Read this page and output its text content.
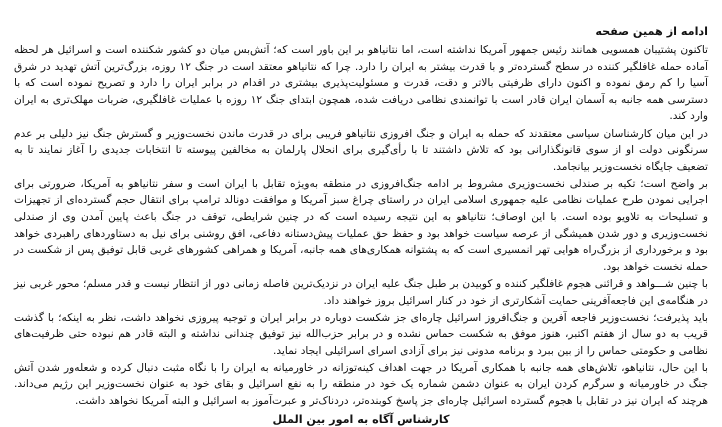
ادامه از همین صفحه

تاکنون پشتیبان همسویی همانند رئیس جمهور آمریکا نداشته است، اما نتانیاهو بر این باور است که؛ آتش‌بس میان دو کشور شکننده است و اسرائیل هر لحظه آماده حمله غافلگیر کننده در سطح گسترده‌تر و با قدرت بیشتر به ایران را دارد. چرا که نتانیاهو معتقد است در جنگ ۱۲ روزه، بزرگ‌ترین آتش تهدید در شرق آسیا را کم رمق نموده و اکنون دارای ظرفیتی بالاتر و دقت، قدرت و مسئولیت‌پذیری بیشتری در اقدام در برابر ایران را دارد و تصریح نموده است که با دسترسی همه جانبه به آسمان ایران قادر است با توانمندی نظامی دریافت شده، همچون ابتدای جنگ ۱۲ روزه با عملیات غافلگیری، ضربات مهلک‌تری به ایران وارد کند.

در این میان کارشناسان سیاسی معتقدند که حمله به ایران و جنگ افروزی نتانیاهو فریبی برای در قدرت ماندن نخست‌وزیر و گسترش جنگ نیز دلیلی بر عدم سرنگونی دولت او از سوی قانونگذارانی بود که تلاش داشتند تا با رأی‌گیری برای انحلال پارلمان به مخالفین پیوسته تا انتخابات جدیدی را آغاز نمایند تا به تضعیف جایگاه نخست‌وزیر بیانجامد.

بر واضح است؛ تکیه بر صندلی نخست‌وزیری مشروط بر ادامه جنگ‌افروزی در منطقه به‌ویژه تقابل با ایران است و سفر نتانیاهو به آمریکا، ضرورتی برای اجرایی نمودن طرح عملیات نظامی علیه جمهوری اسلامی ایران در راستای چراغ سبز آمریکا و موافقت دونالد ترامپ برای انتقال حجم گسترده‌ای از تجهیزات و تسلیحات به تلاویو بوده است. با این اوصاف؛ نتانیاهو به این نتیجه رسیده است که در چنین شرایطی، توقف در جنگ باعث پایین آمدن وی از صندلی نخست‌وزیری و دور شدن همیشگی از عرصه سیاست خواهد بود و حفظ حق عملیات پیش‌دستانه دفاعی، افق روشنی برای نیل به دستاوردهای راهبردی خواهد بود و برخورداری از بزرگ‌راه هوایی تهر انمسیری است که به پشتوانه همکاری‌های همه جانبه، آمریکا و همراهی کشورهای غربی قابل توفیق پس از شکست در حمله نخست خواهد بود.

با چنین شـــواهد و قرائنی هجوم غافلگیر کننده و کوبیدن بر طبل جنگ علیه ایران در نزدیک‌ترین فاصله زمانی دور از انتظار نیست و قدر مسلم؛ محور غربی نیز در هنگامه‌ی این فاجعه‌آفرینی حمایت آشکارتری از خود در کنار اسرائیل بروز خواهند داد.

باید پذیرفت؛ نخست‌وزیر فاجعه آفرین و جنگ‌افروز اسرائیل چاره‌ای جز شکست دوباره در برابر ایران و توجیه پیروزی نخواهد داشت، نظر به اینکه؛ با گذشت قریب به دو سال از هفتم اکتبر، هنوز موفق به شکست حماس نشده و در برابر حزب‌الله نیز توفیق چندانی نداشته و البته قادر هم نبوده حتی ظرفیت‌های نظامی و حکومتی حماس را از بین ببرد و برنامه مدونی نیز برای آزادی اسرای اسرائیلی ایجاد نماید.

با این حال، نتانیاهو، تلاش‌های همه جانبه با همکاری آمریکا در جهت اهداف کینه‌توزانه در خاورمیانه به ایران را با نگاه مثبت دنبال کرده و شعله‌ور شدن آتش جنگ در خاورمیانه و سرگرم کردن ایران به عنوان دشمن شماره یک خود در منطقه را به نفع اسرائیل و بقای خود به عنوان نخست‌وزیر این رژیم می‌داند. هرچند که ایران نیز در تقابل با هجوم گسترده اسرائیل چاره‌ای جز پاسخ کوبنده‌تر، دردناک‌تر و عبرت‌آموز به اسرائیل و البته آمریکا نخواهد داشت.

کارشناس آگاه به امور بین الملل
